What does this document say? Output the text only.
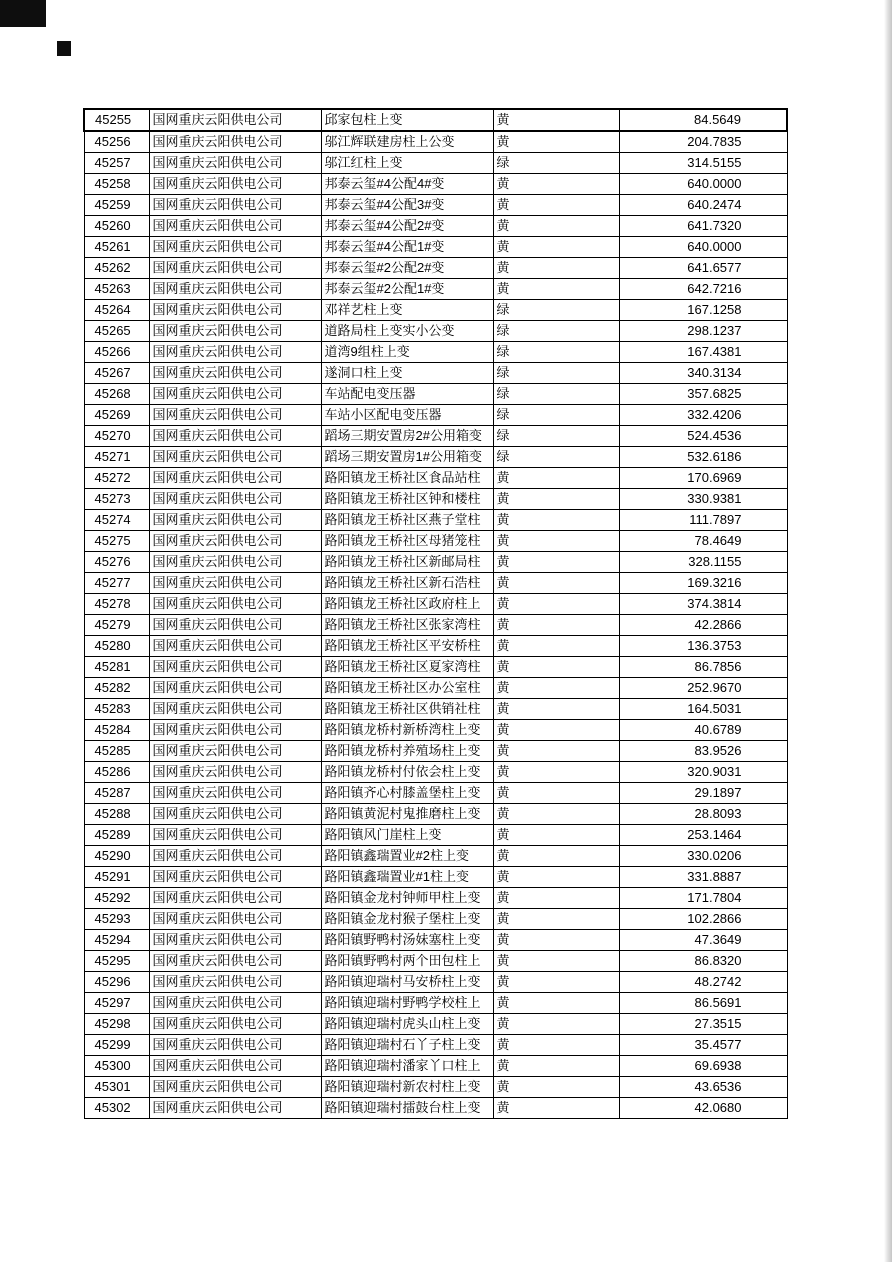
45255	国网重庆云阳供电公司	邱家包柱上变	黄	84.5649
45256	国网重庆云阳供电公司	邬江辉联建房柱上公变	黄	204.7835
45257	国网重庆云阳供电公司	邬江红柱上变	绿	314.5155
45258	国网重庆云阳供电公司	邦泰云玺#4公配4#变	黄	640.0000
45259	国网重庆云阳供电公司	邦泰云玺#4公配3#变	黄	640.2474
45260	国网重庆云阳供电公司	邦泰云玺#4公配2#变	黄	641.7320
45261	国网重庆云阳供电公司	邦泰云玺#4公配1#变	黄	640.0000
45262	国网重庆云阳供电公司	邦泰云玺#2公配2#变	黄	641.6577
45263	国网重庆云阳供电公司	邦泰云玺#2公配1#变	黄	642.7216
45264	国网重庆云阳供电公司	邓祥艺柱上变	绿	167.1258
45265	国网重庆云阳供电公司	道路局柱上变实小公变	绿	298.1237
45266	国网重庆云阳供电公司	道湾9组柱上变	绿	167.4381
45267	国网重庆云阳供电公司	遂洞口柱上变	绿	340.3134
45268	国网重庆云阳供电公司	车站配电变压器	绿	357.6825
45269	国网重庆云阳供电公司	车站小区配电变压器	绿	332.4206
45270	国网重庆云阳供电公司	蹈场三期安置房2#公用箱变	绿	524.4536
45271	国网重庆云阳供电公司	蹈场三期安置房1#公用箱变	绿	532.6186
45272	国网重庆云阳供电公司	路阳镇龙王桥社区食品站柱	黄	170.6969
45273	国网重庆云阳供电公司	路阳镇龙王桥社区钟和楼柱	黄	330.9381
45274	国网重庆云阳供电公司	路阳镇龙王桥社区燕子堂柱	黄	111.7897
45275	国网重庆云阳供电公司	路阳镇龙王桥社区母猪笼柱	黄	78.4649
45276	国网重庆云阳供电公司	路阳镇龙王桥社区新邮局柱	黄	328.1155
45277	国网重庆云阳供电公司	路阳镇龙王桥社区新石浩柱	黄	169.3216
45278	国网重庆云阳供电公司	路阳镇龙王桥社区政府柱上	黄	374.3814
45279	国网重庆云阳供电公司	路阳镇龙王桥社区张家湾柱	黄	42.2866
45280	国网重庆云阳供电公司	路阳镇龙王桥社区平安桥柱	黄	136.3753
45281	国网重庆云阳供电公司	路阳镇龙王桥社区夏家湾柱	黄	86.7856
45282	国网重庆云阳供电公司	路阳镇龙王桥社区办公室柱	黄	252.9670
45283	国网重庆云阳供电公司	路阳镇龙王桥社区供销社柱	黄	164.5031
45284	国网重庆云阳供电公司	路阳镇龙桥村新桥湾柱上变	黄	40.6789
45285	国网重庆云阳供电公司	路阳镇龙桥村养殖场柱上变	黄	83.9526
45286	国网重庆云阳供电公司	路阳镇龙桥村付依会柱上变	黄	320.9031
45287	国网重庆云阳供电公司	路阳镇齐心村膝盖堡柱上变	黄	29.1897
45288	国网重庆云阳供电公司	路阳镇黄泥村鬼推磨柱上变	黄	28.8093
45289	国网重庆云阳供电公司	路阳镇风门崖柱上变	黄	253.1464
45290	国网重庆云阳供电公司	路阳镇鑫瑞置业#2柱上变	黄	330.0206
45291	国网重庆云阳供电公司	路阳镇鑫瑞置业#1柱上变	黄	331.8887
45292	国网重庆云阳供电公司	路阳镇金龙村钟师甲柱上变	黄	171.7804
45293	国网重庆云阳供电公司	路阳镇金龙村猴子堡柱上变	黄	102.2866
45294	国网重庆云阳供电公司	路阳镇野鸭村汤妹塞柱上变	黄	47.3649
45295	国网重庆云阳供电公司	路阳镇野鸭村两个田包柱上	黄	86.8320
45296	国网重庆云阳供电公司	路阳镇迎瑞村马安桥柱上变	黄	48.2742
45297	国网重庆云阳供电公司	路阳镇迎瑞村野鸭学校柱上	黄	86.5691
45298	国网重庆云阳供电公司	路阳镇迎瑞村虎头山柱上变	黄	27.3515
45299	国网重庆云阳供电公司	路阳镇迎瑞村石丫子柱上变	黄	35.4577
45300	国网重庆云阳供电公司	路阳镇迎瑞村潘家丫口柱上	黄	69.6938
45301	国网重庆云阳供电公司	路阳镇迎瑞村新农村柱上变	黄	43.6536
45302	国网重庆云阳供电公司	路阳镇迎瑞村擂鼓台柱上变	黄	42.0680
